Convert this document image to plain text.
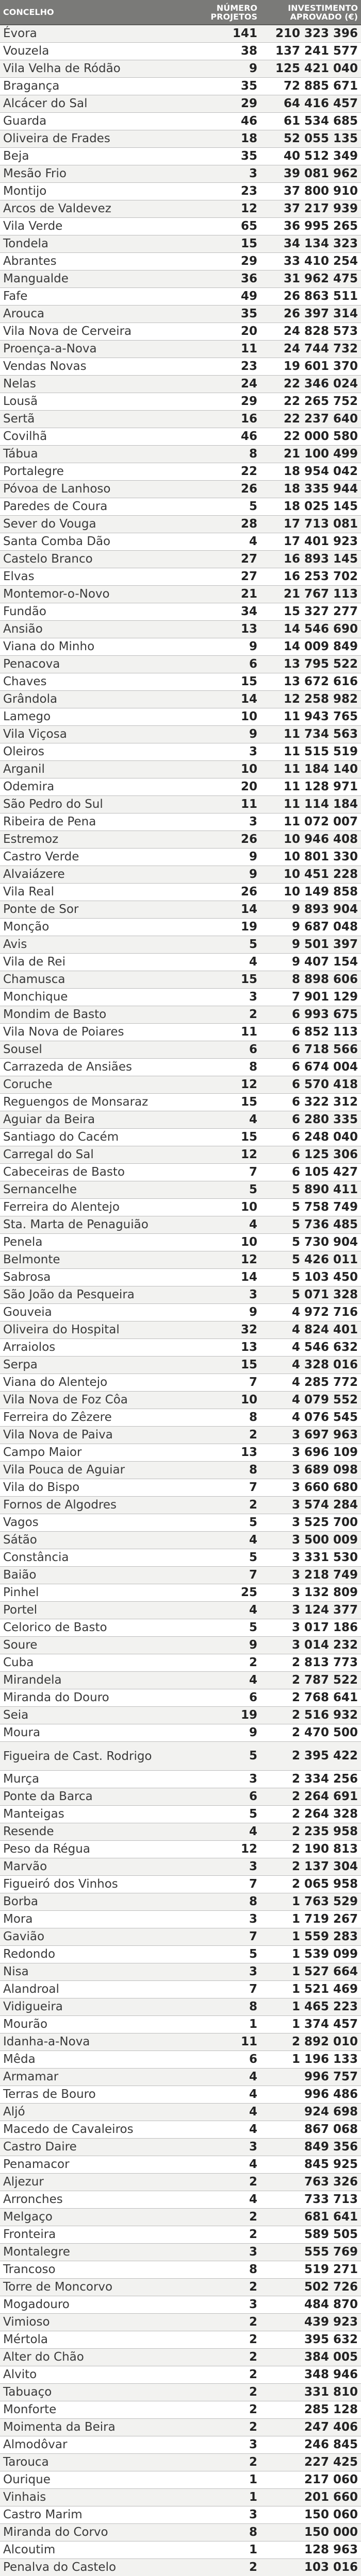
CONCELHO	NÚMERO PROJETOS	INVESTIMENTO APROVADO (€)
Évora	141	210 323 396
Vouzela	38	137 241 577
Vila Velha de Ródão	9	125 421 040
Bragança	35	72 885 671
Alcácer do Sal	29	64 416 457
Guarda	46	61 534 685
Oliveira de Frades	18	52 055 135
Beja	35	40 512 349
Mesão Frio	3	39 081 962
Montijo	23	37 800 910
Arcos de Valdevez	12	37 217 939
Vila Verde	65	36 995 265
Tondela	15	34 134 323
Abrantes	29	33 410 254
Mangualde	36	31 962 475
Fafe	49	26 863 511
Arouca	35	26 397 314
Vila Nova de Cerveira	20	24 828 573
Proença-a-Nova	11	24 744 732
Vendas Novas	23	19 601 370
Nelas	24	22 346 024
Lousã	29	22 265 752
Sertã	16	22 237 640
Covilhã	46	22 000 580
Tábua	8	21 100 499
Portalegre	22	18 954 042
Póvoa de Lanhoso	26	18 335 944
Paredes de Coura	5	18 025 145
Sever do Vouga	28	17 713 081
Santa Comba Dão	4	17 401 923
Castelo Branco	27	16 893 145
Elvas	27	16 253 702
Montemor-o-Novo	21	21 767 113
Fundão	34	15 327 277
Ansião	13	14 546 690
Viana do Minho	9	14 009 849
Penacova	6	13 795 522
Chaves	15	13 672 616
Grândola	14	12 258 982
Lamego	10	11 943 765
Vila Viçosa	9	11 734 563
Oleiros	3	11 515 519
Arganil	10	11 184 140
Odemira	20	11 128 971
São Pedro do Sul	11	11 114 184
Ribeira de Pena	3	11 072 007
Estremoz	26	10 946 408
Castro Verde	9	10 801 330
Alvaiázere	9	10 451 228
Vila Real	26	10 149 858
Ponte de Sor	14	9 893 904
Monção	19	9 687 048
Avis	5	9 501 397
Vila de Rei	4	9 407 154
Chamusca	15	8 898 606
Monchique	3	7 901 129
Mondim de Basto	2	6 993 675
Vila Nova de Poiares	11	6 852 113
Sousel	6	6 718 566
Carrazeda de Ansiães	8	6 674 004
Coruche	12	6 570 418
Reguengos de Monsaraz	15	6 322 312
Aguiar da Beira	4	6 280 335
Santiago do Cacém	15	6 248 040
Carregal do Sal	12	6 125 306
Cabeceiras de Basto	7	6 105 427
Sernancelhe	5	5 890 411
Ferreira do Alentejo	10	5 758 749
Sta. Marta de Penaguião	4	5 736 485
Penela	10	5 730 904
Belmonte	12	5 426 011
Sabrosa	14	5 103 450
São João da Pesqueira	3	5 071 328
Gouveia	9	4 972 716
Oliveira do Hospital	32	4 824 401
Arraiolos	13	4 546 632
Serpa	15	4 328 016
Viana do Alentejo	7	4 285 772
Vila Nova de Foz Côa	10	4 079 552
Ferreira do Zêzere	8	4 076 545
Vila Nova de Paiva	2	3 697 963
Campo Maior	13	3 696 109
Vila Pouca de Aguiar	8	3 689 098
Vila do Bispo	7	3 660 680
Fornos de Algodres	2	3 574 284
Vagos	5	3 525 700
Sátão	4	3 500 009
Constância	5	3 331 530
Baião	7	3 218 749
Pinhel	25	3 132 809
Portel	4	3 124 377
Celorico de Basto	5	3 017 186
Soure	9	3 014 232
Cuba	2	2 813 773
Mirandela	4	2 787 522
Miranda do Douro	6	2 768 641
Seia	19	2 516 932
Moura	9	2 470 500
Figueira de Cast. Rodrigo	5	2 395 422
Murça	3	2 334 256
Ponte da Barca	6	2 264 691
Manteigas	5	2 264 328
Resende	4	2 235 958
Peso da Régua	12	2 190 813
Marvão	3	2 137 304
Figueiró dos Vinhos	7	2 065 958
Borba	8	1 763 529
Mora	3	1 719 267
Gavião	7	1 559 283
Redondo	5	1 539 099
Nisa	3	1 527 664
Alandroal	7	1 521 469
Vidigueira	8	1 465 223
Mourão	1	1 374 457
Idanha-a-Nova	11	2 892 010
Mêda	6	1 196 133
Armamar	4	996 757
Terras de Bouro	4	996 486
Aljó	4	924 698
Macedo de Cavaleiros	4	867 068
Castro Daire	3	849 356
Penamacor	4	845 925
Aljezur	2	763 326
Arronches	4	733 713
Melgaço	2	681 641
Fronteira	2	589 505
Montalegre	3	555 769
Trancoso	8	519 271
Torre de Moncorvo	2	502 726
Mogadouro	3	484 870
Vimioso	2	439 923
Mértola	2	395 632
Alter do Chão	2	384 005
Alvito	2	348 946
Tabuaço	2	331 810
Monforte	2	285 128
Moimenta da Beira	2	247 406
Almodôvar	3	246 845
Tarouca	2	227 425
Ourique	1	217 060
Vinhais	1	201 660
Castro Marim	3	150 060
Miranda do Corvo	8	150 000
Alcoutim	1	128 963
Penalva do Castelo	2	103 016
